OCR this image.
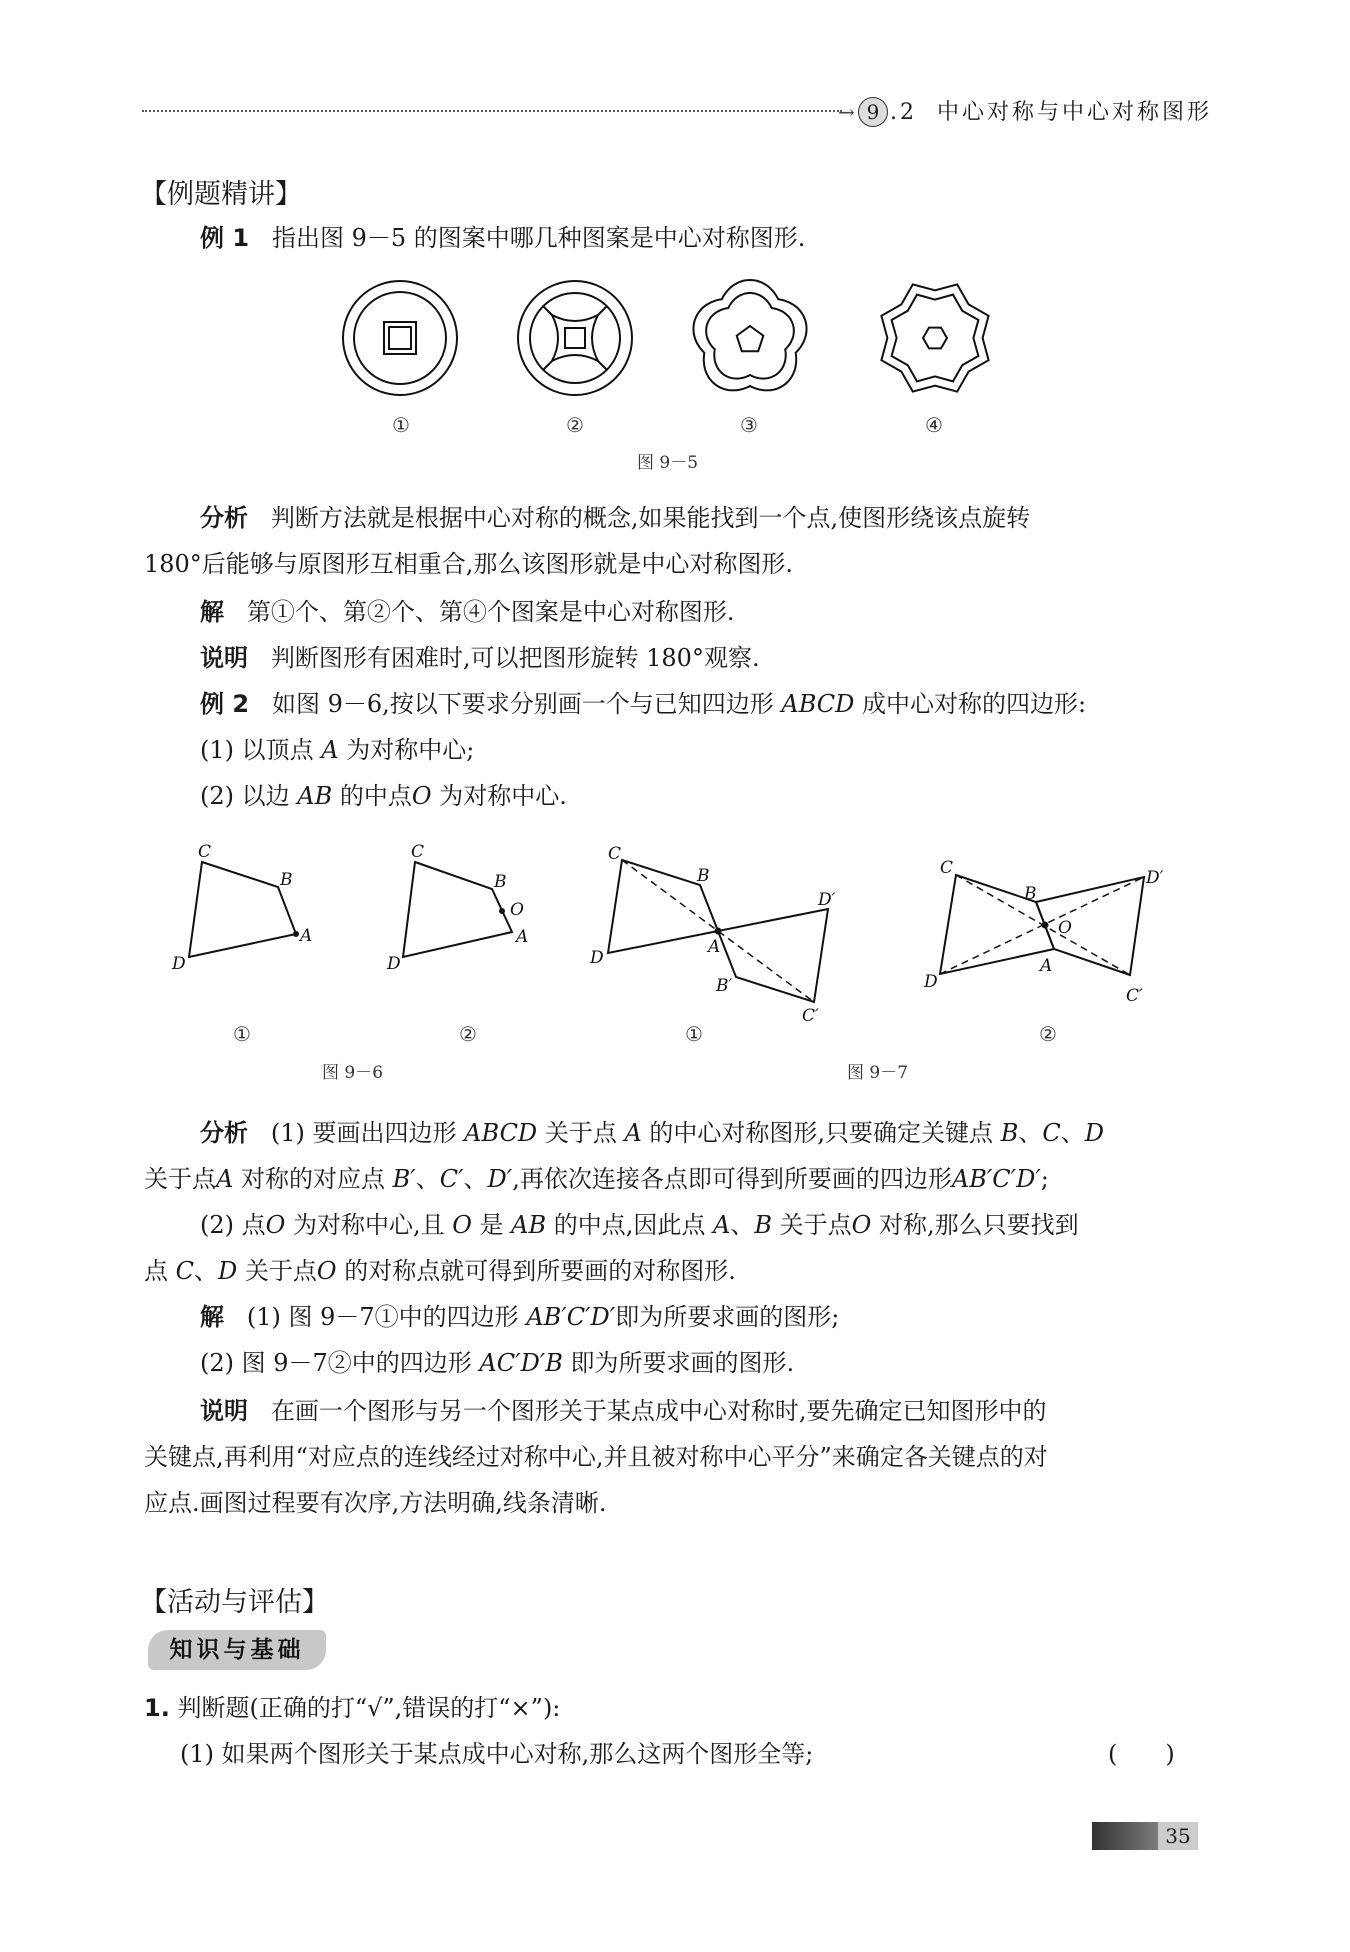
→ 9 .2 中心对称与中心对称图形
【例题精讲】

例 1 指出图 9－5 的图案中哪几种图案是中心对称图形.

①	②	③	④
图 9－5

分析 判断方法就是根据中心对称的概念,如果能找到一个点,使图形绕该点旋转

180°后能够与原图形互相重合,那么该图形就是中心对称图形.

解 第①个、第②个、第④个图案是中心对称图形.

说明 判断图形有困难时,可以把图形旋转 180°观察.

例 2 如图 9－6,按以下要求分别画一个与已知四边形 ABCD 成中心对称的四边形:

(1) 以顶点 A 为对称中心;

(2) 以边 AB 的中点O 为对称中心.

C
B
A
D
C
B
O
A
D
C
B
A
D
D′
B′
C′
C
B
O
A
D
D′
C′
①	②	①	②
图 9－6	图 9－7

分析 (1) 要画出四边形 ABCD 关于点 A 的中心对称图形,只要确定关键点 B、C、D

关于点A 对称的对应点 B′、C′、D′,再依次连接各点即可得到所要画的四边形AB′C′D′;

(2) 点O 为对称中心,且 O 是 AB 的中点,因此点 A、B 关于点O 对称,那么只要找到

点 C、D 关于点O 的对称点就可得到所要画的对称图形.

解 (1) 图 9－7①中的四边形 AB′C′D′即为所要求画的图形;

(2) 图 9－7②中的四边形 AC′D′B 即为所要求画的图形.

说明 在画一个图形与另一个图形关于某点成中心对称时,要先确定已知图形中的

关键点,再利用“对应点的连线经过对称中心,并且被对称中心平分”来确定各关键点的对

应点.画图过程要有次序,方法明确,线条清晰.

【活动与评估】
知识与基础

1. 判断题(正确的打“√”,错误的打“×”):

(1) 如果两个图形关于某点成中心对称,那么这两个图形全等;	(　　)

35
